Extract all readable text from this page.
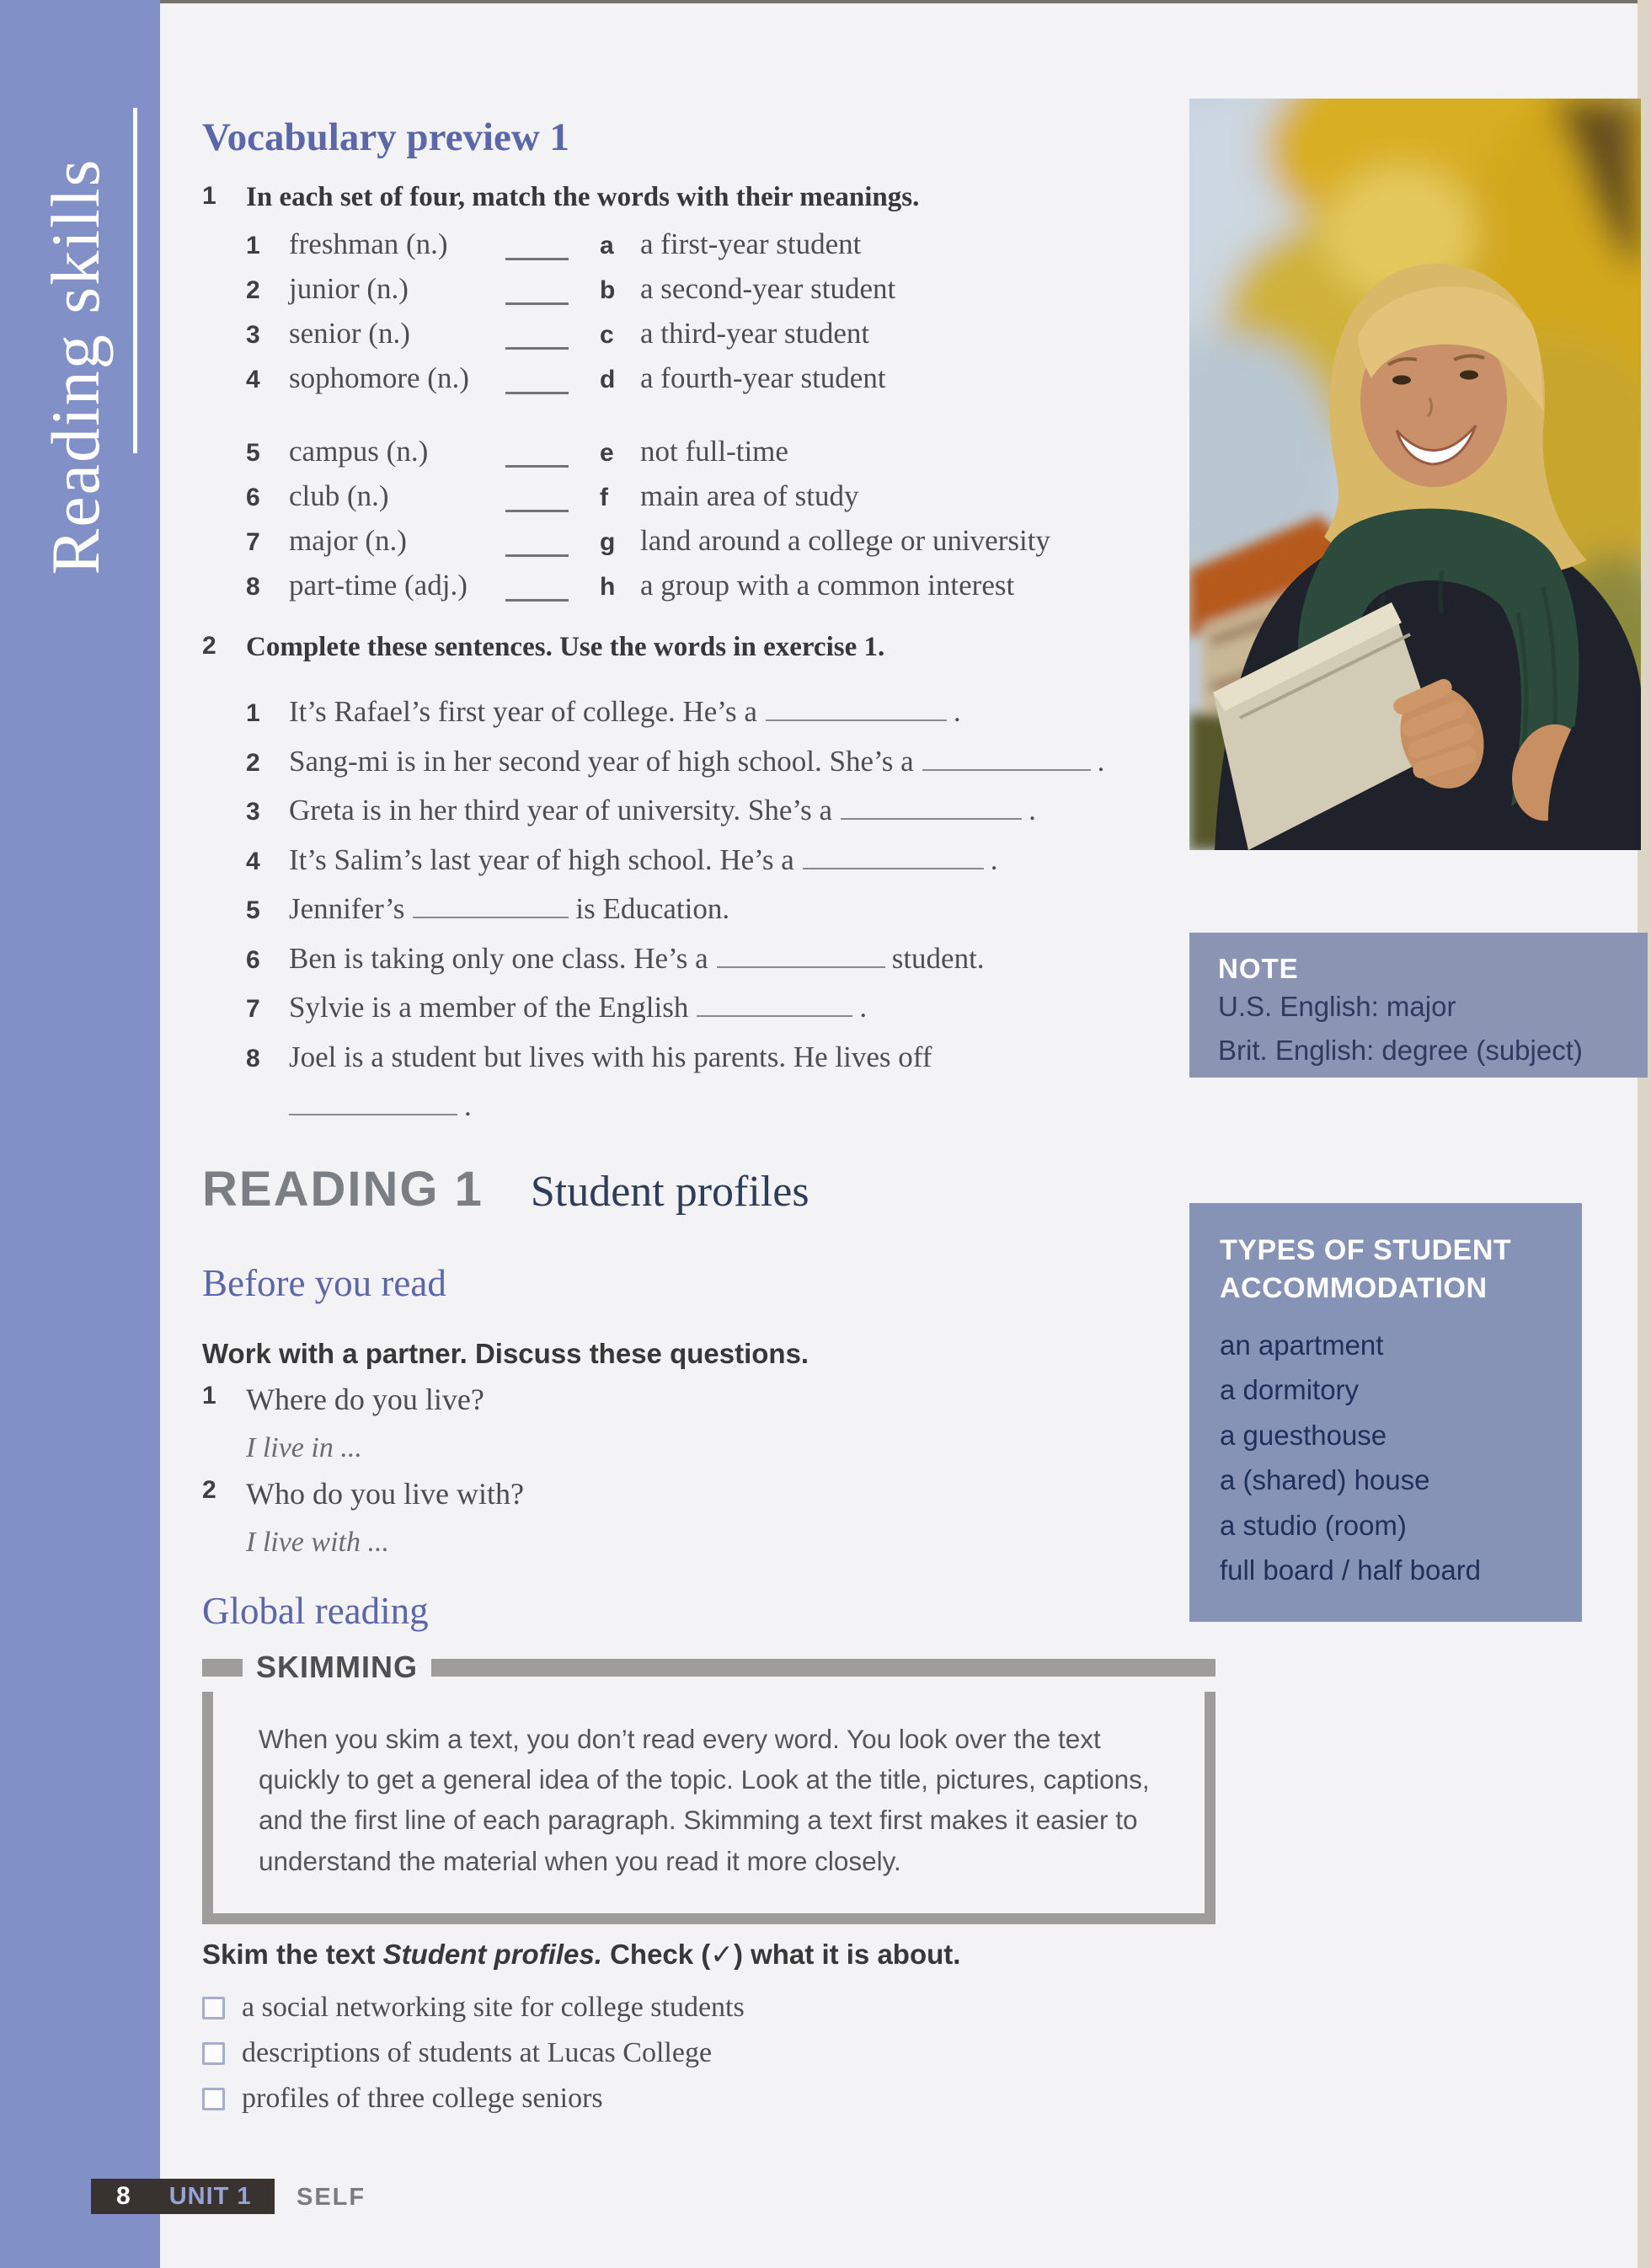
Reading skills
Vocabulary preview 1
1	In each set of four, match the words with their meanings.
1 freshman (n.)	a a first-year student
2 junior (n.)	b a second-year student
3 senior (n.)	c a third-year student
4 sophomore (n.)	d a fourth-year student
5 campus (n.)	e not full-time
6 club (n.)	f	main area of study
7 major (n.)	g land around a college or university
8 part-time (adj.)	h a group with a common interest
2	Complete these sentences. Use the words in exercise 1.
1 It’s Rafael’s first year of college. He’s a	.
2 Sang-mi is in her second year of high school. She’s a	.
3 Greta is in her third year of university. She’s a	.
4 It’s Salim’s last year of high school. He’s a	.
5 Jennifer’s	is Education.
6 Ben is taking only one class. He’s a	student.
7 Sylvie is a member of the English	.
8 Joel is a student but lives with his parents. He lives off
.
NOTE
U.S. English: major
Brit. English: degree (subject)
READING 1 Student profiles
Before you read
Work with a partner. Discuss these questions.
1 Where do you live?
I live in ...
2 Who do you live with?
I live with ...
TYPES OF STUDENT ACCOMMODATION
an apartment
a dormitory
a guesthouse
a (shared) house
a studio (room)
full board / half board
Global reading
SKIMMING
When you skim a text, you don’t read every word. You look over the text quickly to get a general idea of the topic. Look at the title, pictures, captions, and the first line of each paragraph. Skimming a text first makes it easier to understand the material when you read it more closely.
Skim the text Student profiles. Check (✓) what it is about.
a social networking site for college students
descriptions of students at Lucas College
profiles of three college seniors
8 UNIT 1 SELF
